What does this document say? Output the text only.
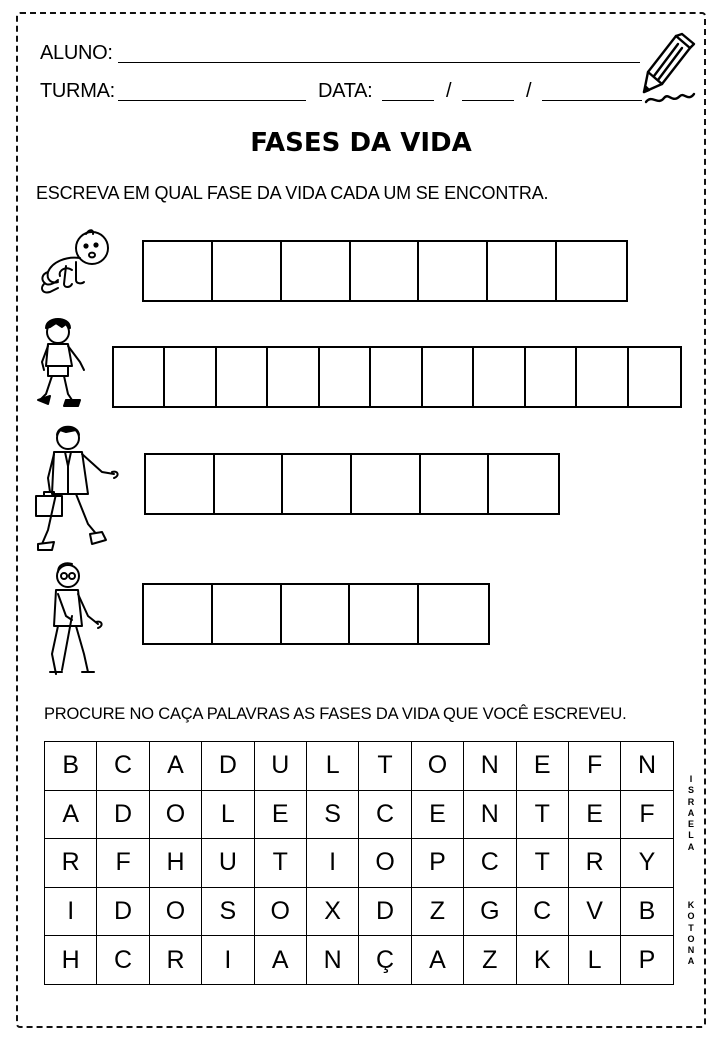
ALUNO:
TURMA:	DATA:	/	/
FASES DA VIDA
ESCREVA EM QUAL FASE DA VIDA CADA UM SE ENCONTRA.
PROCURE NO CAÇA PALAVRAS AS FASES DA VIDA QUE VOCÊ ESCREVEU.
B	C	A	D	U	L	T	O	N	E	F	N
A	D	O	L	E	S	C	E	N	T	E	F
R	F	H	U	T	I	O	P	C	T	R	Y
I	D	O	S	O	X	D	Z	G	C	V	B
H	C	R	I	A	N	Ç	A	Z	K	L	P
I
S
R
A
E
L
A
K
O
T
O
N
A
